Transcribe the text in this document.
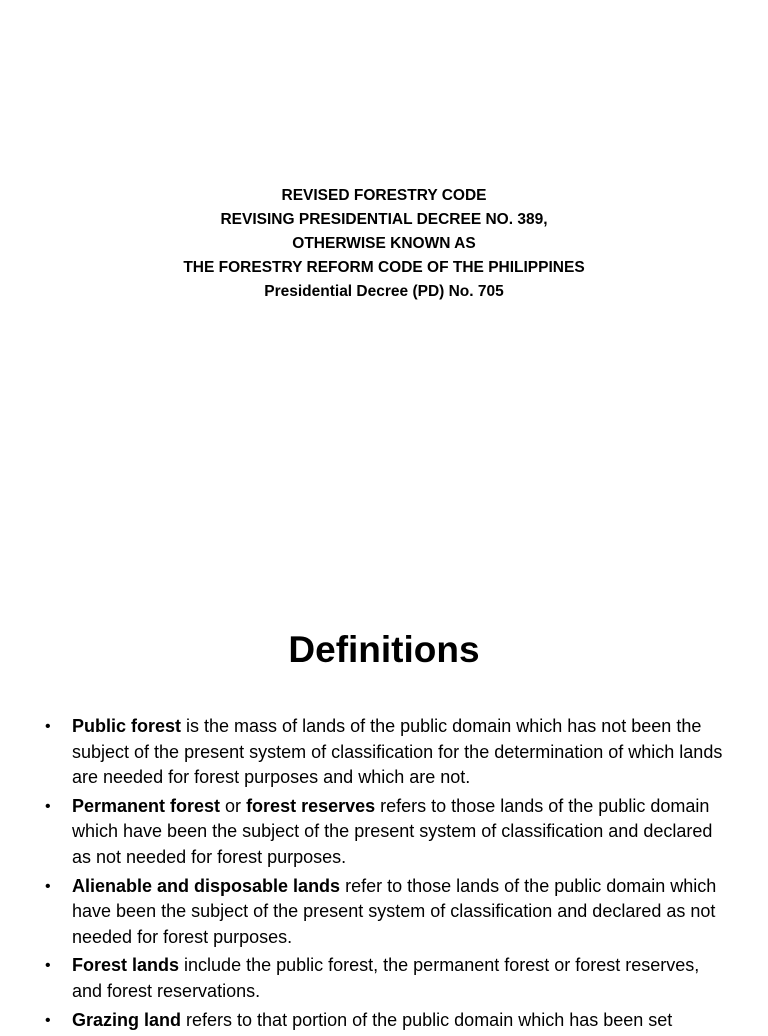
REVISED FORESTRY CODE
REVISING PRESIDENTIAL DECREE NO. 389,
OTHERWISE KNOWN AS
THE FORESTRY REFORM CODE OF THE PHILIPPINES
Presidential Decree (PD) No. 705
Definitions
• Public forest is the mass of lands of the public domain which has not been the subject of the present system of classification for the determination of which lands are needed for forest purposes and which are not.
• Permanent forest or forest reserves refers to those lands of the public domain which have been the subject of the present system of classification and declared as not needed for forest purposes.
• Alienable and disposable lands refer to those lands of the public domain which have been the subject of the present system of classification and declared as not needed for forest purposes.
• Forest lands include the public forest, the permanent forest or forest reserves, and forest reservations.
• Grazing land refers to that portion of the public domain which has been set
